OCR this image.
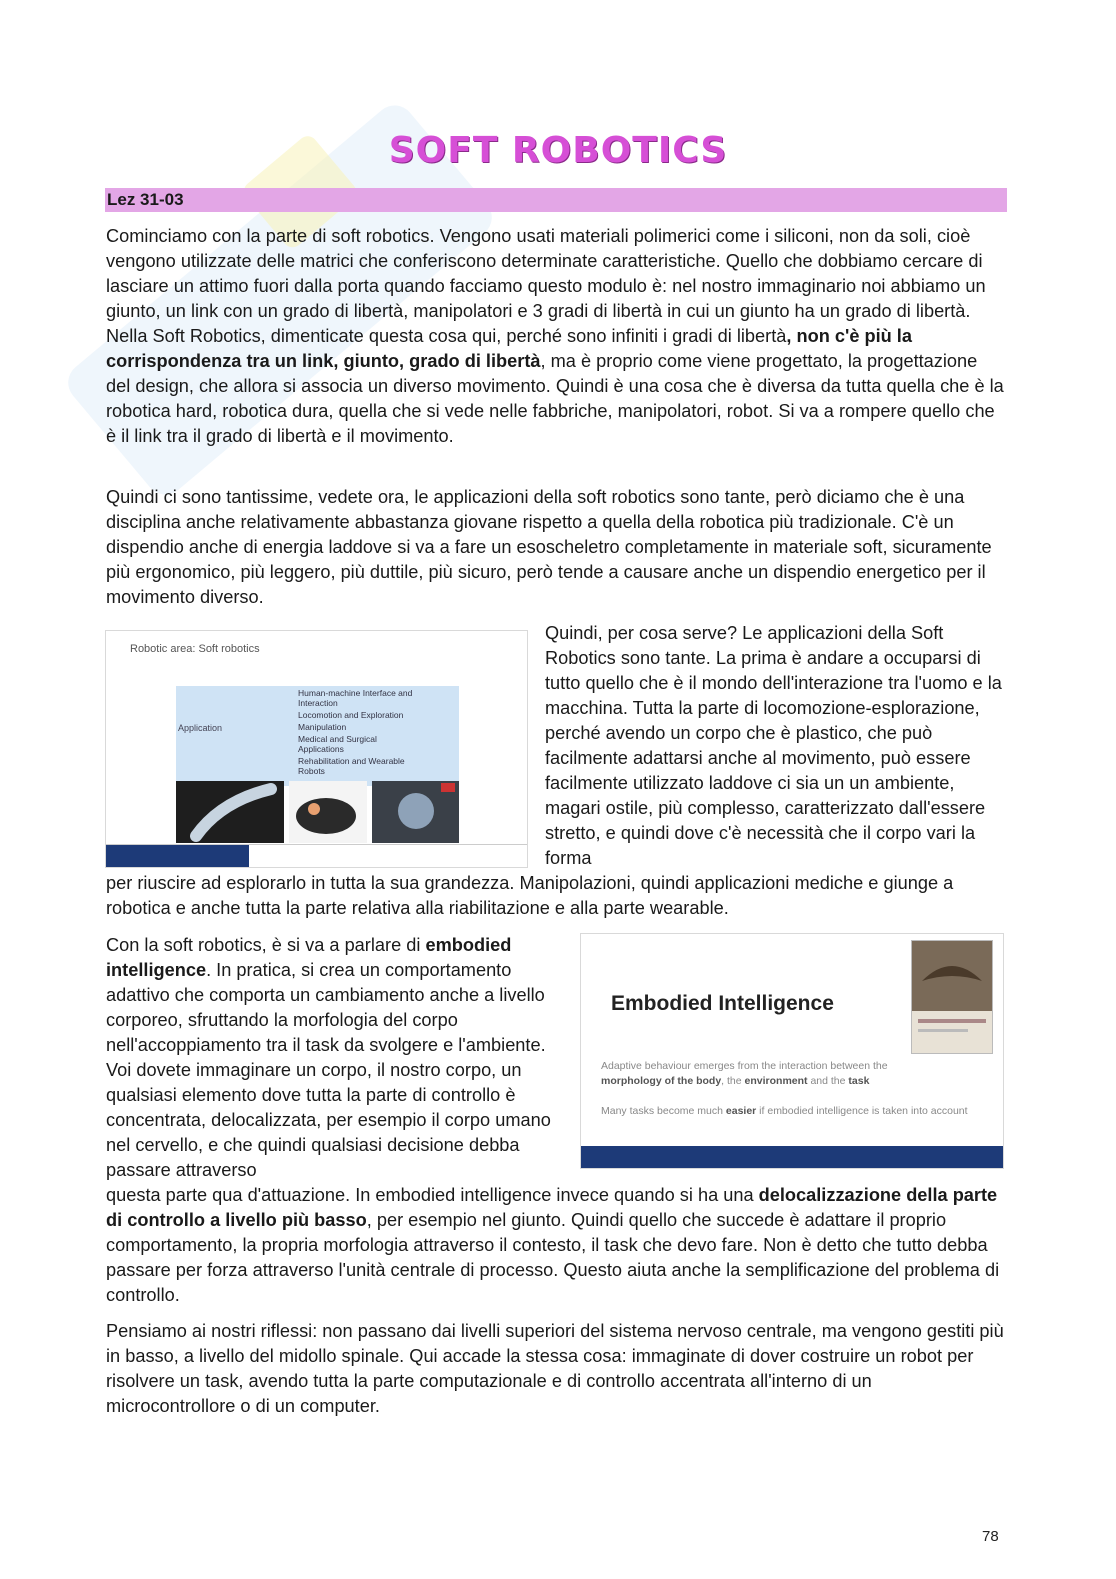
SOFT ROBOTICS
Lez 31-03

Cominciamo con la parte di soft robotics. Vengono usati materiali polimerici come i siliconi, non da soli, cioè vengono utilizzate delle matrici che conferiscono determinate caratteristiche. Quello che dobbiamo cercare di lasciare un attimo fuori dalla porta quando facciamo questo modulo è: nel nostro immaginario noi abbiamo un giunto, un link con un grado di libertà, manipolatori e 3 gradi di libertà in cui un giunto ha un grado di libertà. Nella Soft Robotics, dimenticate questa cosa qui, perché sono infiniti i gradi di libertà, non c'è più la corrispondenza tra un link, giunto, grado di libertà, ma è proprio come viene progettato, la progettazione del design, che allora si associa un diverso movimento. Quindi è una cosa che è diversa da tutta quella che è la robotica hard, robotica dura, quella che si vede nelle fabbriche, manipolatori, robot. Si va a rompere quello che è il link tra il grado di libertà e il movimento.

Quindi ci sono tantissime, vedete ora, le applicazioni della soft robotics sono tante, però diciamo che è una disciplina anche relativamente abbastanza giovane rispetto a quella della robotica più tradizionale. C'è un dispendio anche di energia laddove si va a fare un esoscheletro completamente in materiale soft, sicuramente più ergonomico, più leggero, più duttile, più sicuro, però tende a causare anche un dispendio energetico per il movimento diverso.

Robotic area: Soft robotics
Application
Human-machine Interface and Interaction
Locomotion and Exploration
Manipulation
Medical and Surgical Applications
Rehabilitation and Wearable Robots

Quindi, per cosa serve? Le applicazioni della Soft Robotics sono tante. La prima è andare a occuparsi di tutto quello che è il mondo dell'interazione tra l'uomo e la macchina. Tutta la parte di locomozione-esplorazione, perché avendo un corpo che è plastico, che può facilmente adattarsi anche al movimento, può essere facilmente utilizzato laddove ci sia un un ambiente, magari ostile, più complesso, caratterizzato dall'essere stretto, e quindi dove c'è necessità che il corpo vari la forma

per riuscire ad esplorarlo in tutta la sua grandezza. Manipolazioni, quindi applicazioni mediche e giunge a robotica e anche tutta la parte relativa alla riabilitazione e alla parte wearable.

Con la soft robotics, è si va a parlare di embodied intelligence. In pratica, si crea un comportamento adattivo che comporta un cambiamento anche a livello corporeo, sfruttando la morfologia del corpo nell'accoppiamento tra il task da svolgere e l'ambiente. Voi dovete immaginare un corpo, il nostro corpo, un qualsiasi elemento dove tutta la parte di controllo è concentrata, delocalizzata, per esempio il corpo umano nel cervello, e che quindi qualsiasi decisione debba passare attraverso

Embodied Intelligence
Adaptive behaviour emerges from the interaction between the morphology of the body, the environment and the task
Many tasks become much easier if embodied intelligence is taken into account

questa parte qua d'attuazione. In embodied intelligence invece quando si ha una delocalizzazione della parte di controllo a livello più basso, per esempio nel giunto. Quindi quello che succede è adattare il proprio comportamento, la propria morfologia attraverso il contesto, il task che devo fare. Non è detto che tutto debba passare per forza attraverso l'unità centrale di processo. Questo aiuta anche la semplificazione del problema di controllo.

Pensiamo ai nostri riflessi: non passano dai livelli superiori del sistema nervoso centrale, ma vengono gestiti più in basso, a livello del midollo spinale. Qui accade la stessa cosa: immaginate di dover costruire un robot per risolvere un task, avendo tutta la parte computazionale e di controllo accentrata all'interno di un microcontrollore o di un computer.

78
